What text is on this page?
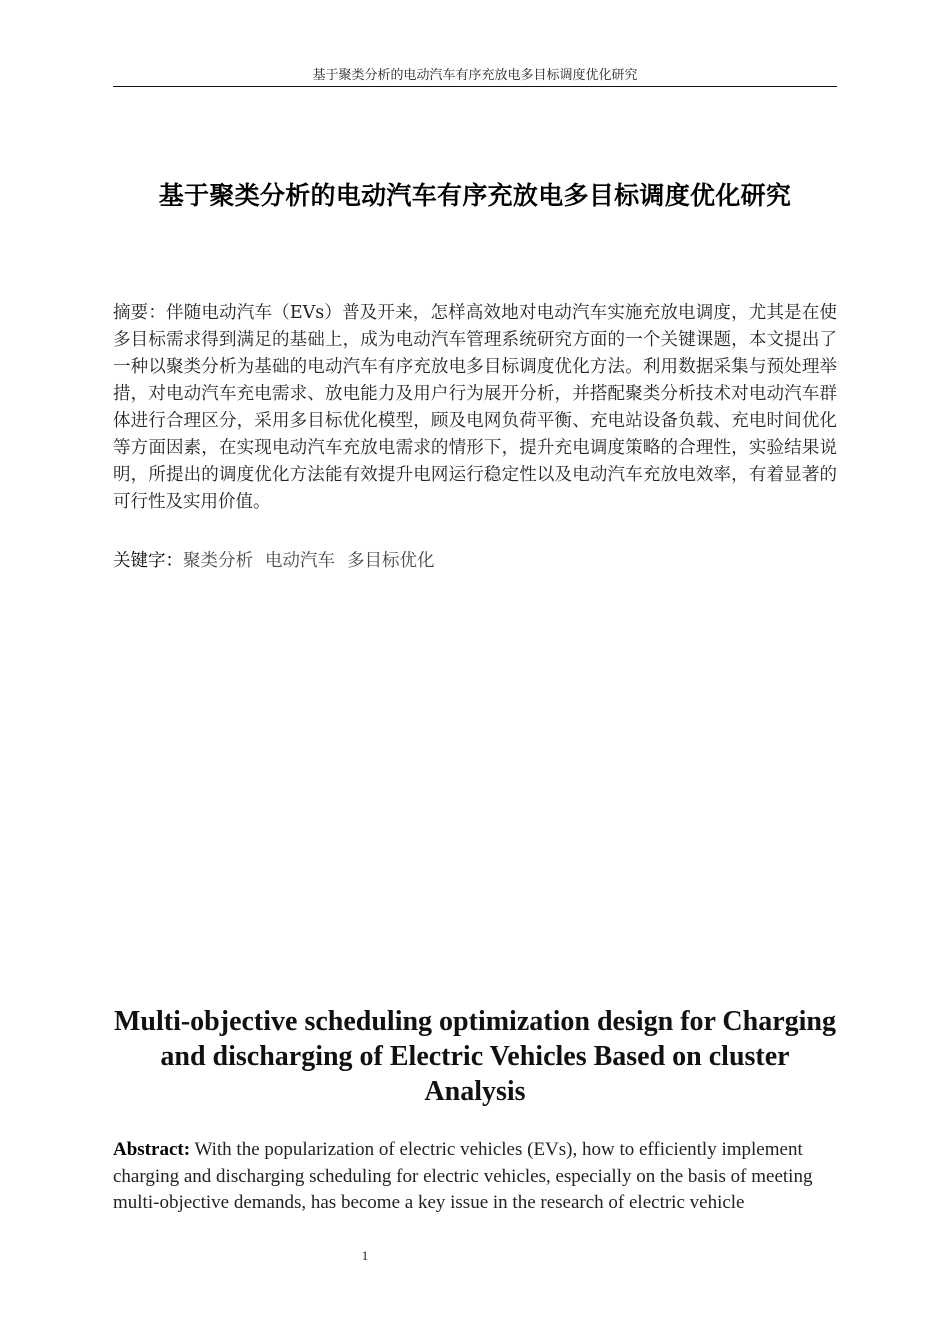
基于聚类分析的电动汽车有序充放电多目标调度优化研究
基于聚类分析的电动汽车有序充放电多目标调度优化研究
摘要：伴随电动汽车（EVs）普及开来，怎样高效地对电动汽车实施充放电调度，尤其是在使多目标需求得到满足的基础上，成为电动汽车管理系统研究方面的一个关键课题，本文提出了一种以聚类分析为基础的电动汽车有序充放电多目标调度优化方法。利用数据采集与预处理举措，对电动汽车充电需求、放电能力及用户行为展开分析，并搭配聚类分析技术对电动汽车群体进行合理区分，采用多目标优化模型，顾及电网负荷平衡、充电站设备负载、充电时间优化等方面因素，在实现电动汽车充放电需求的情形下，提升充电调度策略的合理性，实验结果说明，所提出的调度优化方法能有效提升电网运行稳定性以及电动汽车充放电效率，有着显著的可行性及实用价值。
关键字：聚类分析 电动汽车 多目标优化
Multi-objective scheduling optimization design for Charging and discharging of Electric Vehicles Based on cluster Analysis
Abstract: With the popularization of electric vehicles (EVs), how to efficiently implement charging and discharging scheduling for electric vehicles, especially on the basis of meeting multi-objective demands, has become a key issue in the research of electric vehicle
1
